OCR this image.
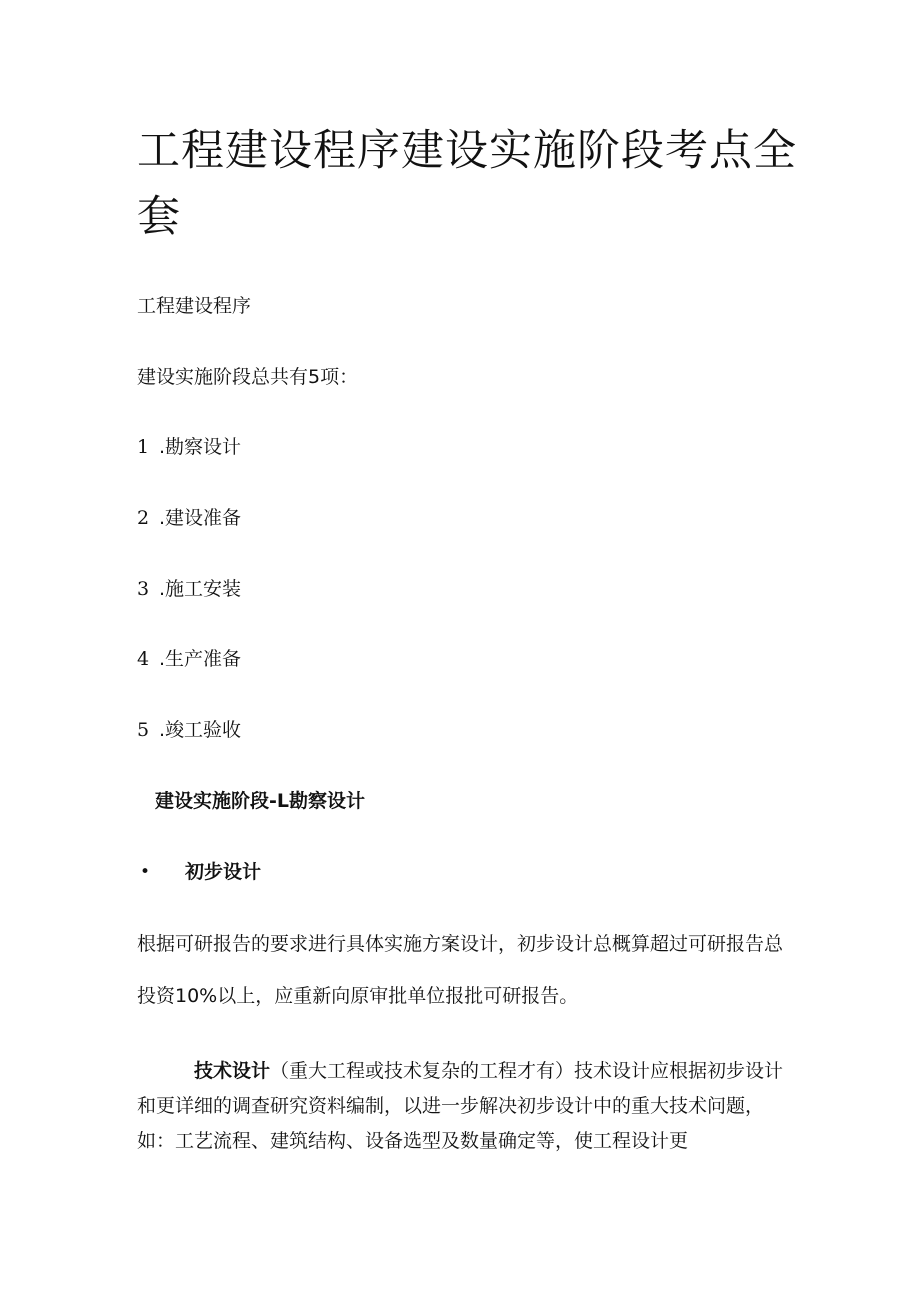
工程建设程序建设实施阶段考点全套
工程建设程序
建设实施阶段总共有5项：
1 .勘察设计
2 .建设准备
3 .施工安装
4 .生产准备
5 .竣工验收
建设实施阶段-L勘察设计
• 初步设计

根据可研报告的要求进行具体实施方案设计，初步设计总概算超过可研报告总投资10%以上，应重新向原审批单位报批可研报告。

技术设计（重大工程或技术复杂的工程才有）技术设计应根据初步设计和更详细的调查研究资料编制，以进一步解决初步设计中的重大技术问题，如：工艺流程、建筑结构、设备选型及数量确定等，使工程设计更
